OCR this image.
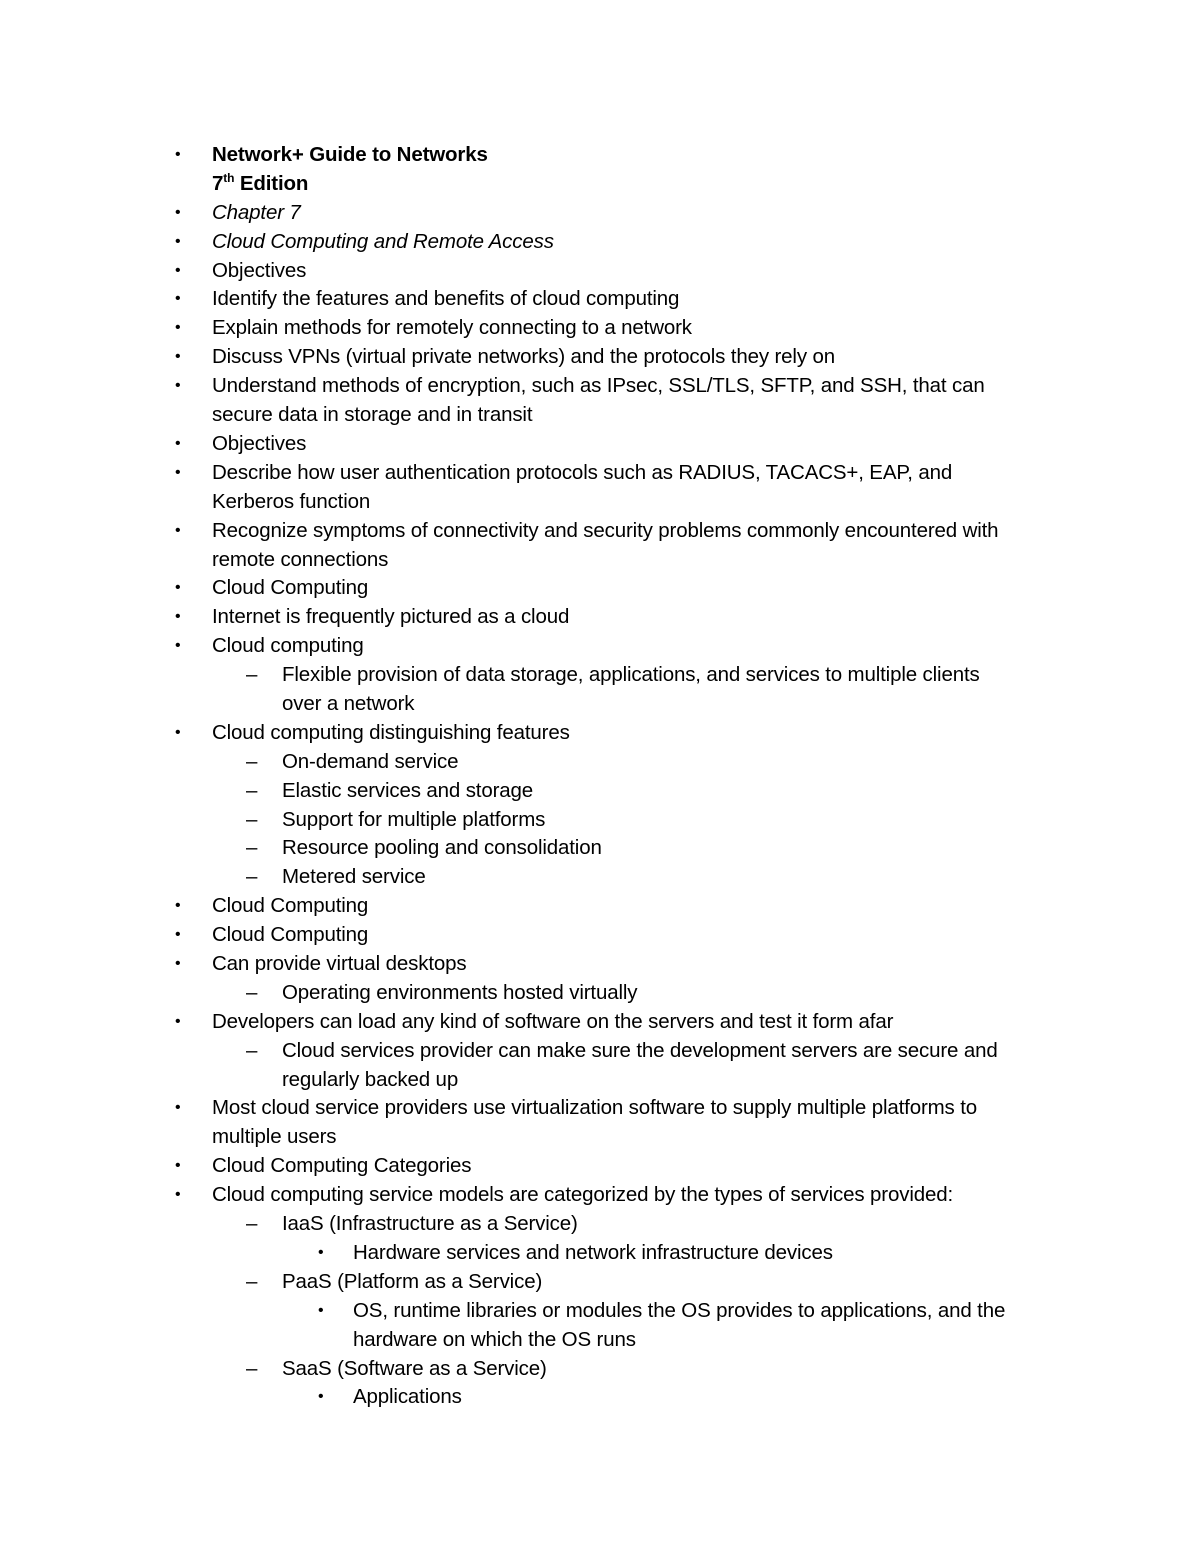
• Network+ Guide to Networks
7th Edition
• Chapter 7
• Cloud Computing and Remote Access
• Objectives
• Identify the features and benefits of cloud computing
• Explain methods for remotely connecting to a network
• Discuss VPNs (virtual private networks) and the protocols they rely on
• Understand methods of encryption, such as IPsec, SSL/TLS, SFTP, and SSH, that can
secure data in storage and in transit
• Objectives
• Describe how user authentication protocols such as RADIUS, TACACS+, EAP, and
Kerberos function
• Recognize symptoms of connectivity and security problems commonly encountered with
remote connections
• Cloud Computing
• Internet is frequently pictured as a cloud
• Cloud computing
– Flexible provision of data storage, applications, and services to multiple clients
over a network
• Cloud computing distinguishing features
– On-demand service
– Elastic services and storage
– Support for multiple platforms
– Resource pooling and consolidation
– Metered service
• Cloud Computing
• Cloud Computing
• Can provide virtual desktops
– Operating environments hosted virtually
• Developers can load any kind of software on the servers and test it form afar
– Cloud services provider can make sure the development servers are secure and
regularly backed up
• Most cloud service providers use virtualization software to supply multiple platforms to
multiple users
• Cloud Computing Categories
• Cloud computing service models are categorized by the types of services provided:
– IaaS (Infrastructure as a Service)
• Hardware services and network infrastructure devices
– PaaS (Platform as a Service)
• OS, runtime libraries or modules the OS provides to applications, and the
hardware on which the OS runs
– SaaS (Software as a Service)
• Applications
